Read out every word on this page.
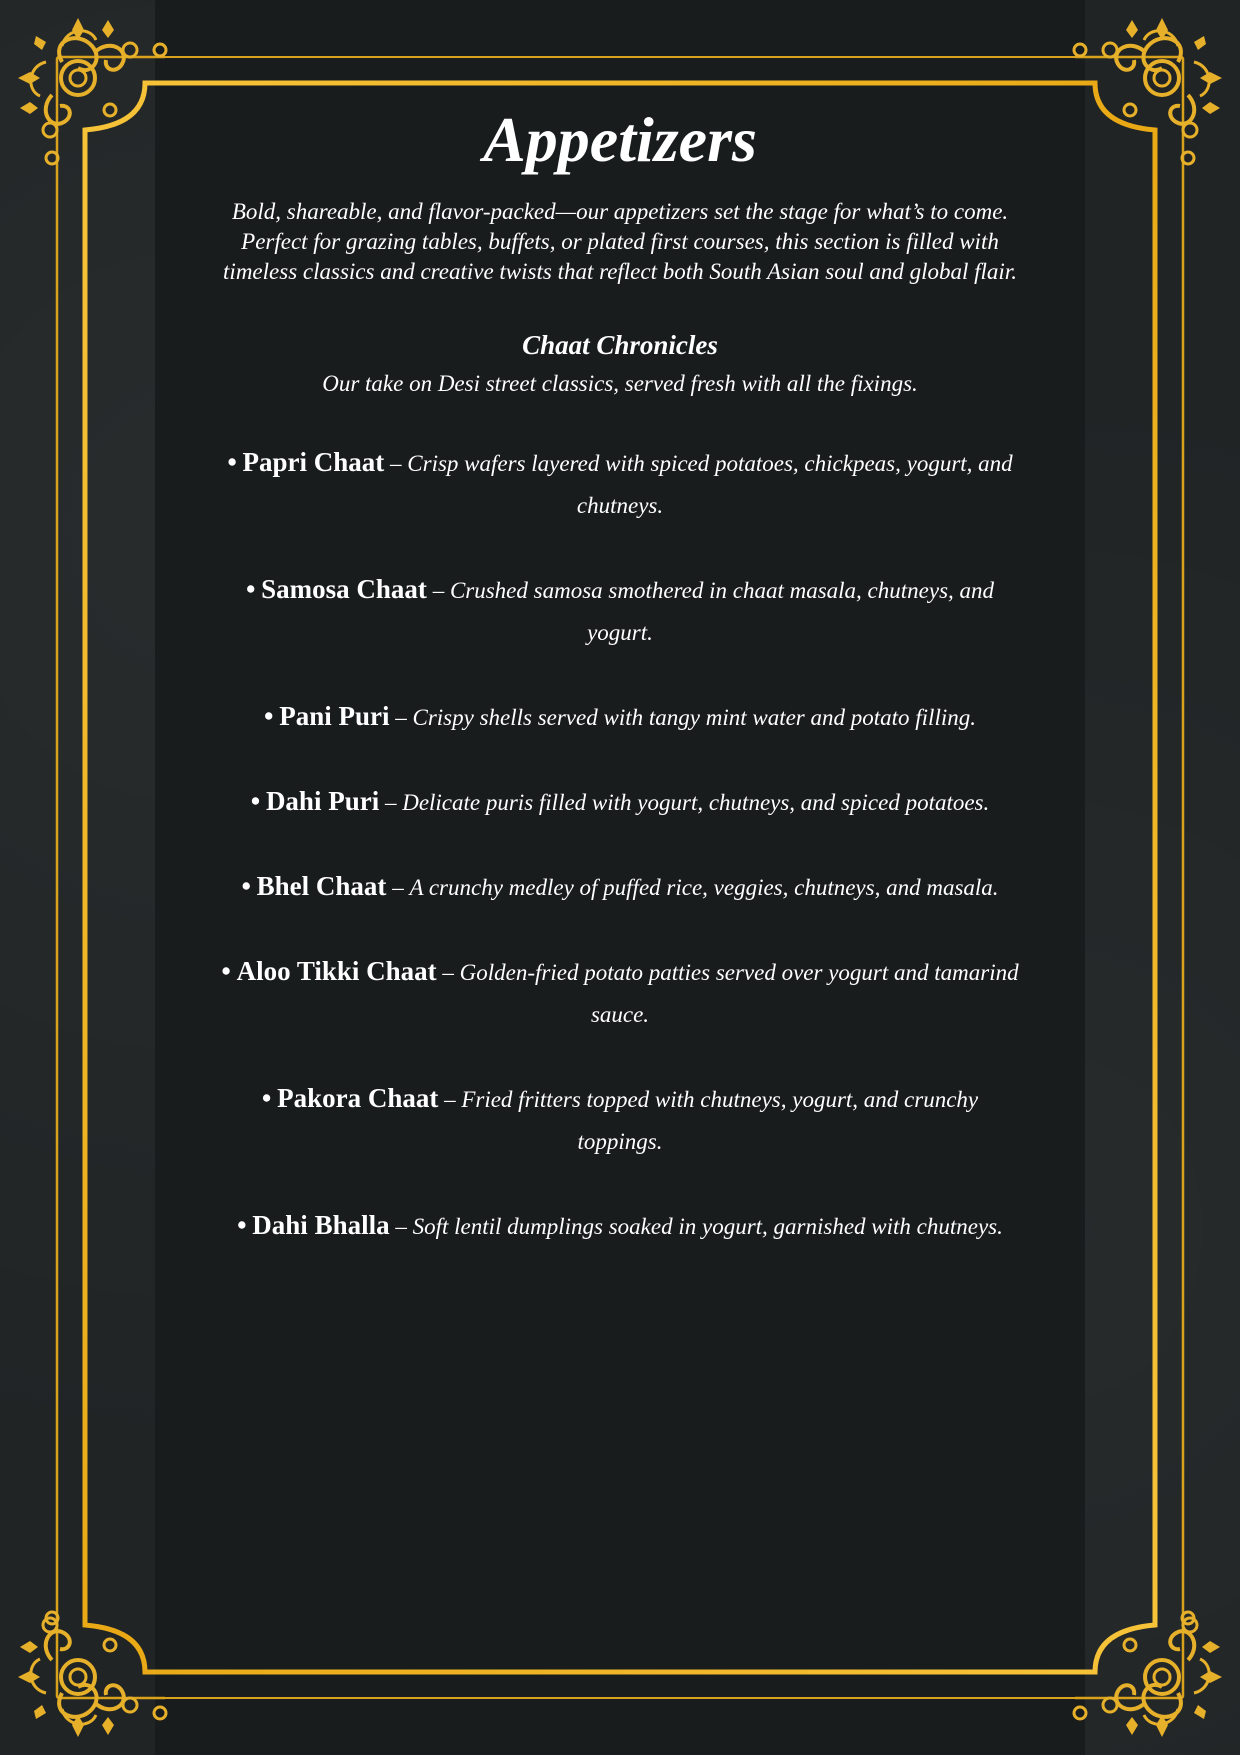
Appetizers

Bold, shareable, and flavor-packed—our appetizers set the stage for what’s to come. Perfect for grazing tables, buffets, or plated first courses, this section is filled with timeless classics and creative twists that reflect both South Asian soul and global flair.

Chaat Chronicles

Our take on Desi street classics, served fresh with all the fixings.

• Papri Chaat – Crisp wafers layered with spiced potatoes, chickpeas, yogurt, and chutneys.
• Samosa Chaat – Crushed samosa smothered in chaat masala, chutneys, and yogurt.
• Pani Puri – Crispy shells served with tangy mint water and potato filling.
• Dahi Puri – Delicate puris filled with yogurt, chutneys, and spiced potatoes.
• Bhel Chaat – A crunchy medley of puffed rice, veggies, chutneys, and masala.
• Aloo Tikki Chaat – Golden-fried potato patties served over yogurt and tamarind sauce.
• Pakora Chaat – Fried fritters topped with chutneys, yogurt, and crunchy toppings.
• Dahi Bhalla – Soft lentil dumplings soaked in yogurt, garnished with chutneys.
